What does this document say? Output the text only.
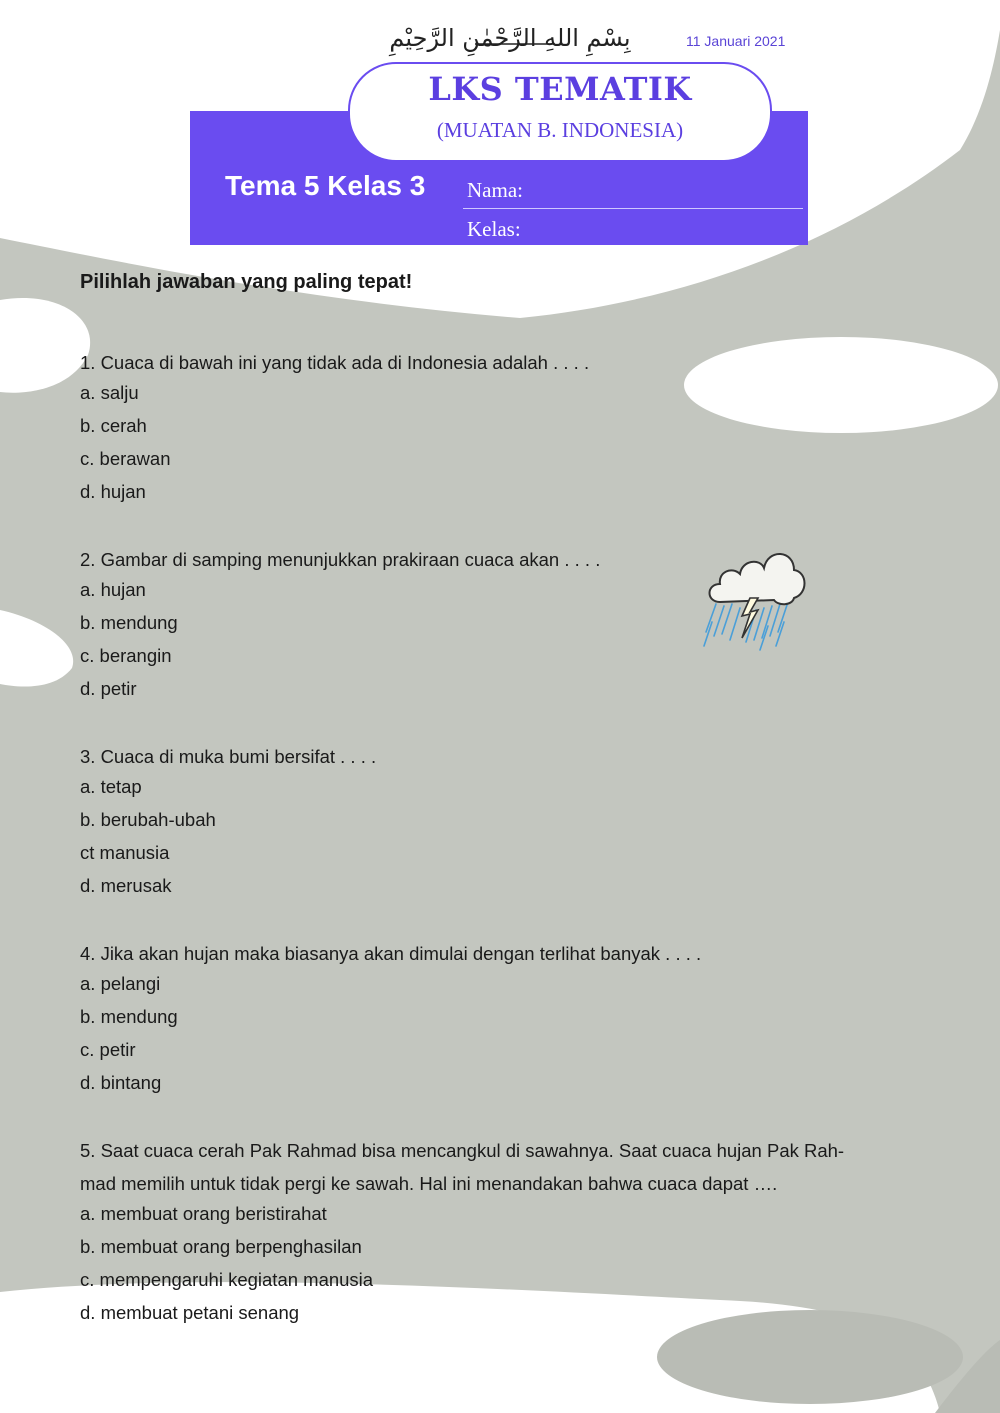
بِسْمِ اللهِ الرَّحْمٰنِ الرَّحِيْمِ	11 Januari 2021
LKS TEMATIK
(MUATAN B. INDONESIA)
Tema 5 Kelas 3 Nama:
Kelas:
Pilihlah jawaban yang paling tepat!
1. Cuaca di bawah ini yang tidak ada di Indonesia adalah . . . .
a. salju
b. cerah
c. berawan
d. hujan
2. Gambar di samping menunjukkan prakiraan cuaca akan . . . .
a. hujan
b. mendung
c. berangin
d. petir
3. Cuaca di muka bumi bersifat . . . .
a. tetap
b. berubah-ubah
ct manusia
d. merusak
4. Jika akan hujan maka biasanya akan dimulai dengan terlihat banyak . . . .
a. pelangi
b. mendung
c. petir
d. bintang
5. Saat cuaca cerah Pak Rahmad bisa mencangkul di sawahnya. Saat cuaca hujan Pak Rah-
mad memilih untuk tidak pergi ke sawah. Hal ini menandakan bahwa cuaca dapat ….
a. membuat orang beristirahat
b. membuat orang berpenghasilan
c. mempengaruhi kegiatan manusia
d. membuat petani senang
